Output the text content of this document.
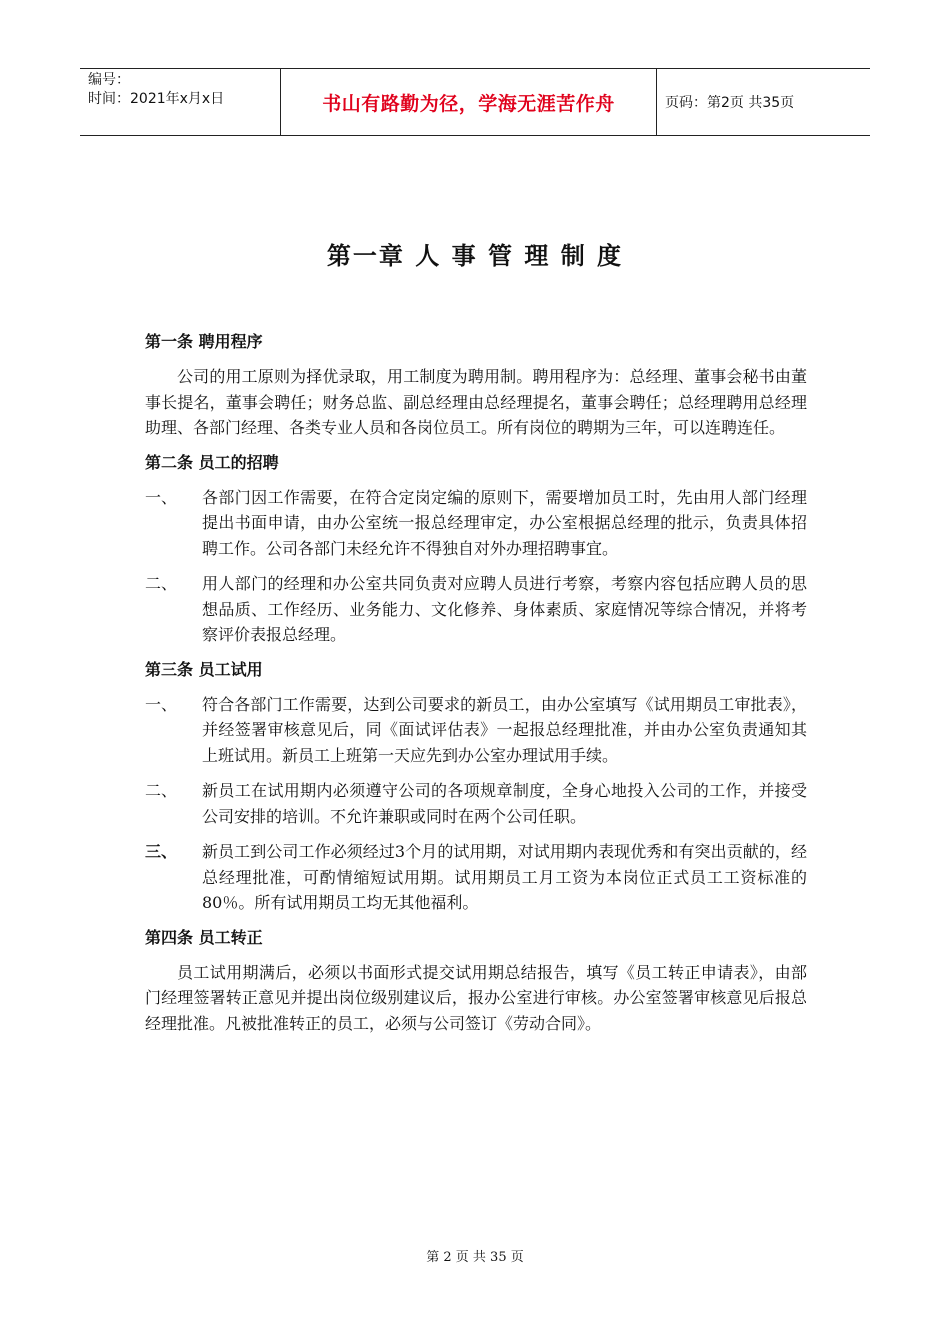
编号：
时间：2021年x月x日	书山有路勤为径，学海无涯苦作舟	页码：第2页 共35页
第一章 人 事 管 理 制 度
第一条 聘用程序

公司的用工原则为择优录取，用工制度为聘用制。聘用程序为：总经理、董事会秘书由董事长提名，董事会聘任；财务总监、副总经理由总经理提名，董事会聘任；总经理聘用总经理助理、各部门经理、各类专业人员和各岗位员工。所有岗位的聘期为三年，可以连聘连任。

第二条 员工的招聘
一、	各部门因工作需要，在符合定岗定编的原则下，需要增加员工时，先由用人部门经理提出书面申请，由办公室统一报总经理审定，办公室根据总经理的批示，负责具体招聘工作。公司各部门未经允许不得独自对外办理招聘事宜。
二、	用人部门的经理和办公室共同负责对应聘人员进行考察，考察内容包括应聘人员的思想品质、工作经历、业务能力、文化修养、身体素质、家庭情况等综合情况，并将考察评价表报总经理。
第三条 员工试用
一、	符合各部门工作需要，达到公司要求的新员工，由办公室填写《试用期员工审批表》，并经签署审核意见后，同《面试评估表》一起报总经理批准，并由办公室负责通知其上班试用。新员工上班第一天应先到办公室办理试用手续。
二、	新员工在试用期内必须遵守公司的各项规章制度，全身心地投入公司的工作，并接受公司安排的培训。不允许兼职或同时在两个公司任职。
三、	新员工到公司工作必须经过3个月的试用期，对试用期内表现优秀和有突出贡献的，经总经理批准，可酌情缩短试用期。试用期员工月工资为本岗位正式员工工资标准的80％。所有试用期员工均无其他福利。
第四条 员工转正

员工试用期满后，必须以书面形式提交试用期总结报告，填写《员工转正申请表》，由部门经理签署转正意见并提出岗位级别建议后，报办公室进行审核。办公室签署审核意见后报总经理批准。凡被批准转正的员工，必须与公司签订《劳动合同》。

第 2 页 共 35 页
